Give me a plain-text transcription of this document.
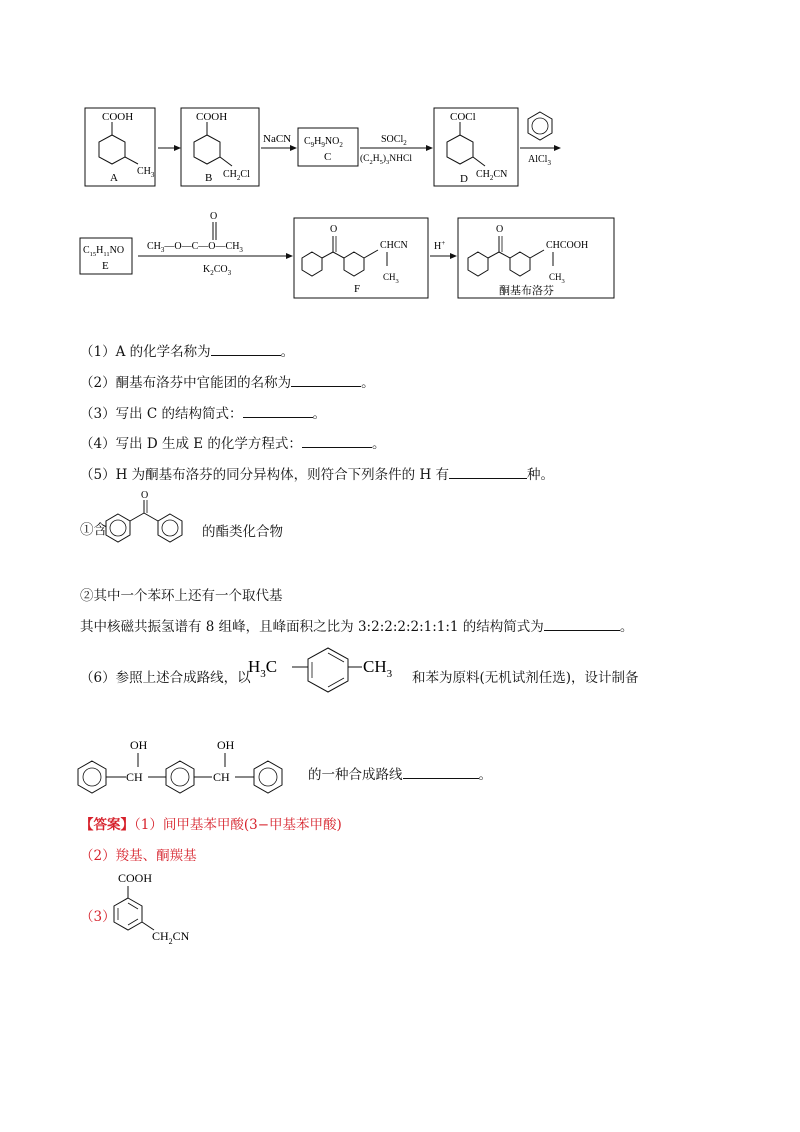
COOH
$CH_3$
A
COOH
$CH_2Cl$
B
NaCN $C_9H_9NO_2$
C
SOCl$_2$
$(C_2H_5)_3NHCl$
COCl
$CH_2CN$
D
AlCl$_3$
$C_{15}H_{11}NO$
E
$CH_3—O—C—O—CH_3$
O
$K_2CO_3$
O
CHCN
$CH_3$
F
H+
O
CHCOOH
$CH_3$
酮基布洛芬
（1）A 的化学名称为	。
（2）酮基布洛芬中官能团的名称为	。
（3）写出 C 的结构简式：	。
（4）写出 D 生成 E 的化学方程式：	。
（5）H 为酮基布洛芬的同分异构体，则符合下列条件的 H 有	种。
①含
O
的酯类化合物
②其中一个苯环上还有一个取代基
其中核磁共振氢谱有 8 组峰，且峰面积之比为 3:2:2:2:2:1:1:1 的结构简式为	。
（6）参照上述合成路线，以
$H_3C$	$CH_3$ 和苯为原料(无机试剂任选)，设计制备
CH
OH
CH
OH
的一种合成路线	。
【答案】（1）间甲基苯甲酸(3−甲基苯甲酸)
（2）羧基、酮羰基
（3）
COOH
$CH_2CN$
